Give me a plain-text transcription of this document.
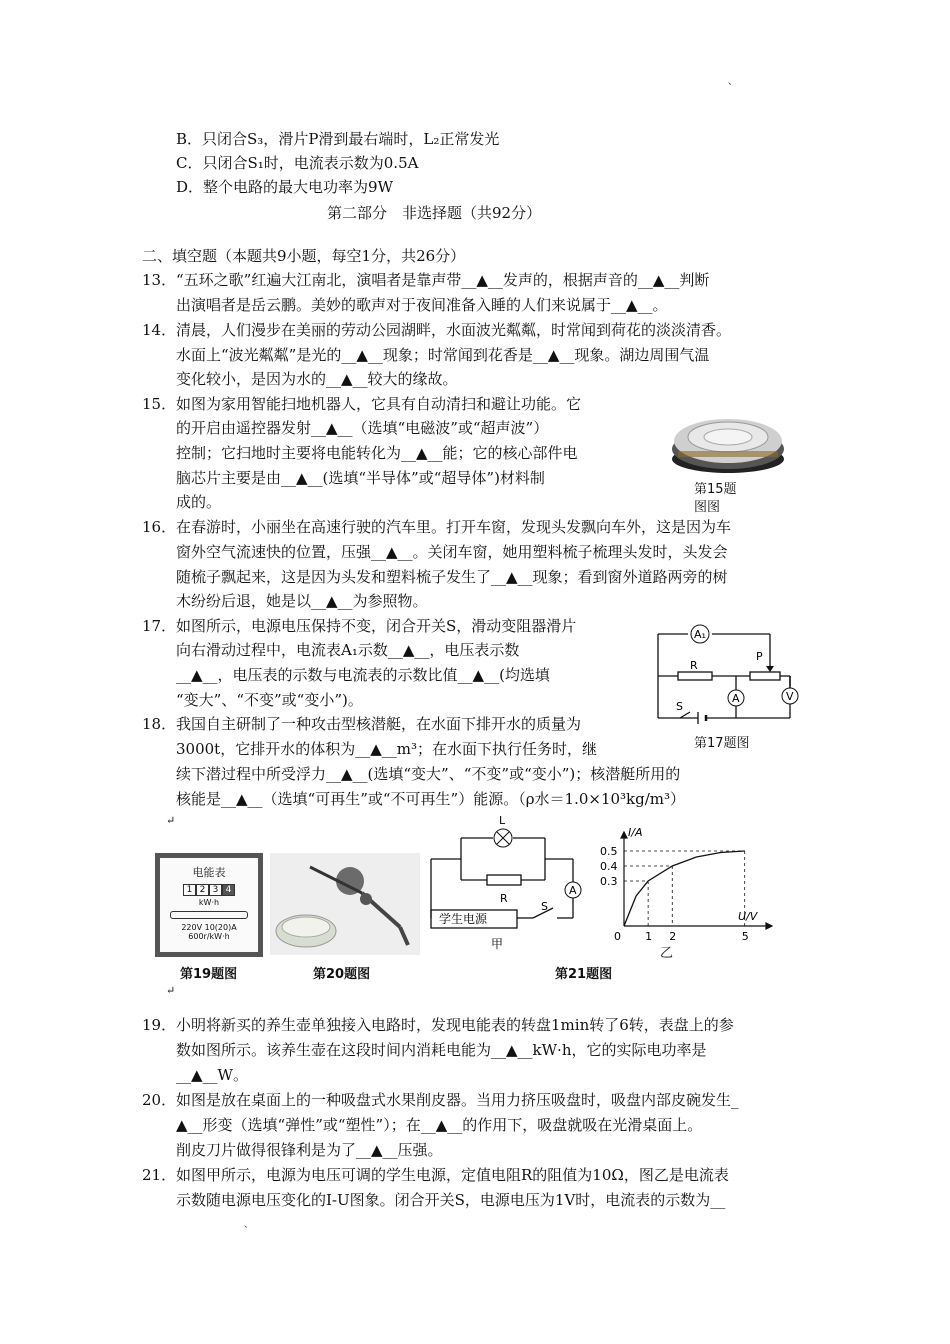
、
B．只闭合S₃，滑片P滑到最右端时，L₂正常发光
C．只闭合S₁时，电流表示数为0.5A
D．整个电路的最大电功率为9W
第二部分　非选择题（共92分）
二、填空题（本题共9小题，每空1分，共26分）
13． “五环之歌”红遍大江南北，演唱者是靠声带__▲__发声的，根据声音的__▲__判断
出演唱者是岳云鹏。美妙的歌声对于夜间准备入睡的人们来说属于__▲__。
14． 清晨，人们漫步在美丽的劳动公园湖畔，水面波光粼粼，时常闻到荷花的淡淡清香。
水面上“波光粼粼”是光的__▲__现象；时常闻到花香是__▲__现象。湖边周围气温
变化较小，是因为水的__▲__较大的缘故。
15． 如图为家用智能扫地机器人，它具有自动清扫和避让功能。它
的开启由遥控器发射__▲__（选填“电磁波”或“超声波”）
控制；它扫地时主要将电能转化为__▲__能；它的核心部件电
脑芯片主要是由__▲__(选填“半导体”或“超导体”)材料制
成的。
第15题
图图
16． 在春游时，小丽坐在高速行驶的汽车里。打开车窗，发现头发飘向车外，这是因为车
窗外空气流速快的位置，压强__▲__。关闭车窗，她用塑料梳子梳理头发时，头发会
随梳子飘起来，这是因为头发和塑料梳子发生了__▲__现象；看到窗外道路两旁的树
木纷纷后退，她是以__▲__为参照物。
17． 如图所示，电源电压保持不变，闭合开关S，滑动变阻器滑片
向右滑动过程中，电流表A₁示数__▲__，电压表示数
__▲__，电压表的示数与电流表的示数比值__▲__(均选填
“变大”、“不变”或“变小”)。
A₁
R
P
A	V
S
第17题图
18． 我国自主研制了一种攻击型核潜艇，在水面下排开水的质量为
3000t，它排开水的体积为__▲__m³；在水面下执行任务时，继
续下潜过程中所受浮力__▲__(选填“变大”、“不变”或“变小”)；核潜艇所用的
核能是__▲__（选填“可再生”或“不可再生”）能源。（ρ水＝1.0×10³kg/m³）
↵
电能表
1 2 3 4
kW·h
220V 10(20)A
600r/kW·h
第19题图	第20题图
L
R
A
学生电源
S
甲
I/A
U/V
0.5
0.4
0.3
0 1 2	5
乙
第21题图
↵
19． 小明将新买的养生壶单独接入电路时，发现电能表的转盘1min转了6转，表盘上的参
数如图所示。该养生壶在这段时间内消耗电能为__▲__kW·h，它的实际电功率是
__▲__W。
20． 如图是放在桌面上的一种吸盘式水果削皮器。当用力挤压吸盘时，吸盘内部皮碗发生_
▲__形变（选填“弹性”或“塑性”）；在__▲__的作用下，吸盘就吸在光滑桌面上。
削皮刀片做得很锋利是为了__▲__压强。
21． 如图甲所示，电源为电压可调的学生电源，定值电阻R的阻值为10Ω，图乙是电流表
示数随电源电压变化的I-U图象。闭合开关S，电源电压为1V时，电流表的示数为__
、
